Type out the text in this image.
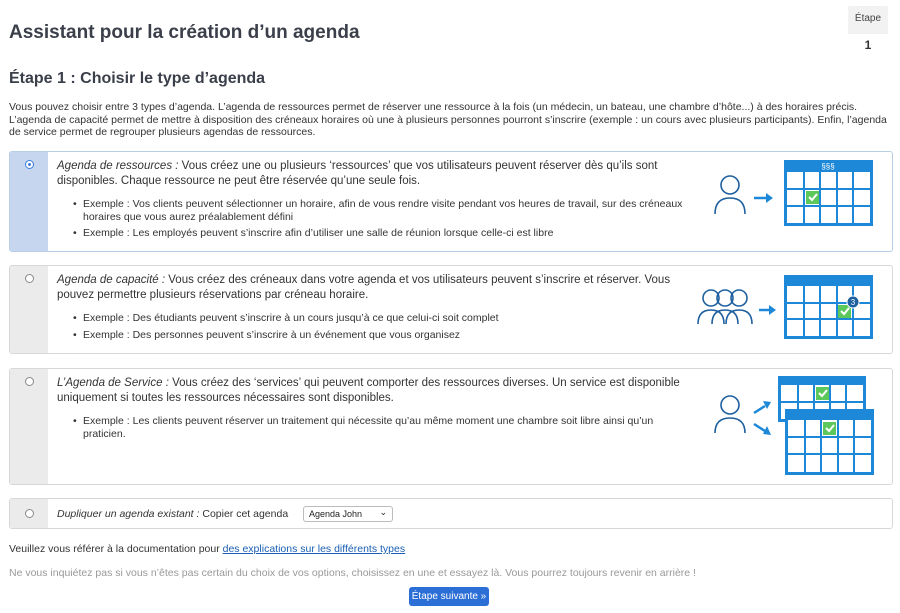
Assistant pour la création d’un agenda
Étape
1
Étape 1 : Choisir le type d’agenda
Vous pouvez choisir entre 3 types d’agenda. L’agenda de ressources permet de réserver une ressource à la fois (un médecin, un bateau, une chambre d’hôte...) à des horaires précis. L’agenda de capacité permet de mettre à disposition des créneaux horaires où une à plusieurs personnes pourront s’inscrire (exemple : un cours avec plusieurs participants). Enfin, l’agenda de service permet de regrouper plusieurs agendas de ressources.
Agenda de ressources : Vous créez une ou plusieurs ‘ressources’ que vos utilisateurs peuvent réserver dès qu’ils sont disponibles. Chaque ressource ne peut être réservée qu’une seule fois.
• Exemple : Vos clients peuvent sélectionner un horaire, afin de vous rendre visite pendant vos heures de travail, sur des créneaux horaires que vous aurez préalablement défini
• Exemple : Les employés peuvent s’inscrire afin d’utiliser une salle de réunion lorsque celle-ci est libre
§§§
Agenda de capacité : Vous créez des créneaux dans votre agenda et vos utilisateurs peuvent s’inscrire et réserver. Vous pouvez permettre plusieurs réservations par créneau horaire.
• Exemple : Des étudiants peuvent s’inscrire à un cours jusqu’à ce que celui-ci soit complet
• Exemple : Des personnes peuvent s’inscrire à un événement que vous organisez
3
L’Agenda de Service : Vous créez des ‘services’ qui peuvent comporter des ressources diverses. Un service est disponible uniquement si toutes les ressources nécessaires sont disponibles.
• Exemple : Les clients peuvent réserver un traitement qui nécessite qu’au même moment une chambre soit libre ainsi qu’un praticien.
Dupliquer un agenda existant : Copier cet agenda	Agenda John ⌄
Veuillez vous référer à la documentation pour des explications sur les différents types
Ne vous inquiétez pas si vous n’êtes pas certain du choix de vos options, choisissez en une et essayez là. Vous pourrez toujours revenir en arrière !
Étape suivante »
